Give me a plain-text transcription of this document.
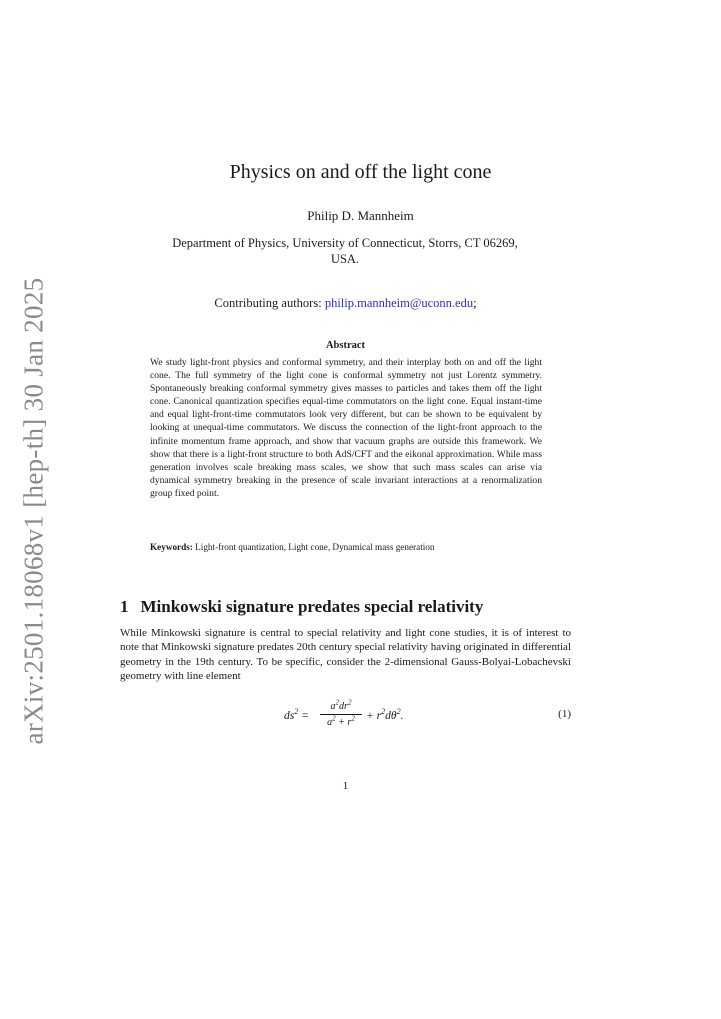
arXiv:2501.18068v1 [hep-th] 30 Jan 2025
Physics on and off the light cone
Philip D. Mannheim
Department of Physics, University of Connecticut, Storrs, CT 06269,
USA.
Contributing authors: philip.mannheim@uconn.edu;
Abstract
We study light-front physics and conformal symmetry, and their interplay both on and off the light cone. The full symmetry of the light cone is conformal symmetry not just Lorentz symmetry. Spontaneously breaking conformal symmetry gives masses to particles and takes them off the light cone. Canonical quantization specifies equal-time commutators on the light cone. Equal instant-time and equal light-front-time commutators look very different, but can be shown to be equivalent by looking at unequal-time commutators. We discuss the connection of the light-front approach to the infinite momentum frame approach, and show that vacuum graphs are outside this framework. We show that there is a light-front structure to both AdS/CFT and the eikonal approximation. While mass generation involves scale breaking mass scales, we show that such mass scales can arise via dynamical symmetry breaking in the presence of scale invariant interactions at a renormalization group fixed point.
Keywords: Light-front quantization, Light cone, Dynamical mass generation
1 Minkowski signature predates special relativity
While Minkowski signature is central to special relativity and light cone studies, it is of interest to note that Minkowski signature predates 20th century special relativity having originated in differential geometry in the 19th century. To be specific, consider the 2-dimensional Gauss-Bolyai-Lobachevski geometry with line element
$ds^2$ =
$a^2dr^2$
$a^2 + r^2 + r^2d\theta^2$.	(1)
1
